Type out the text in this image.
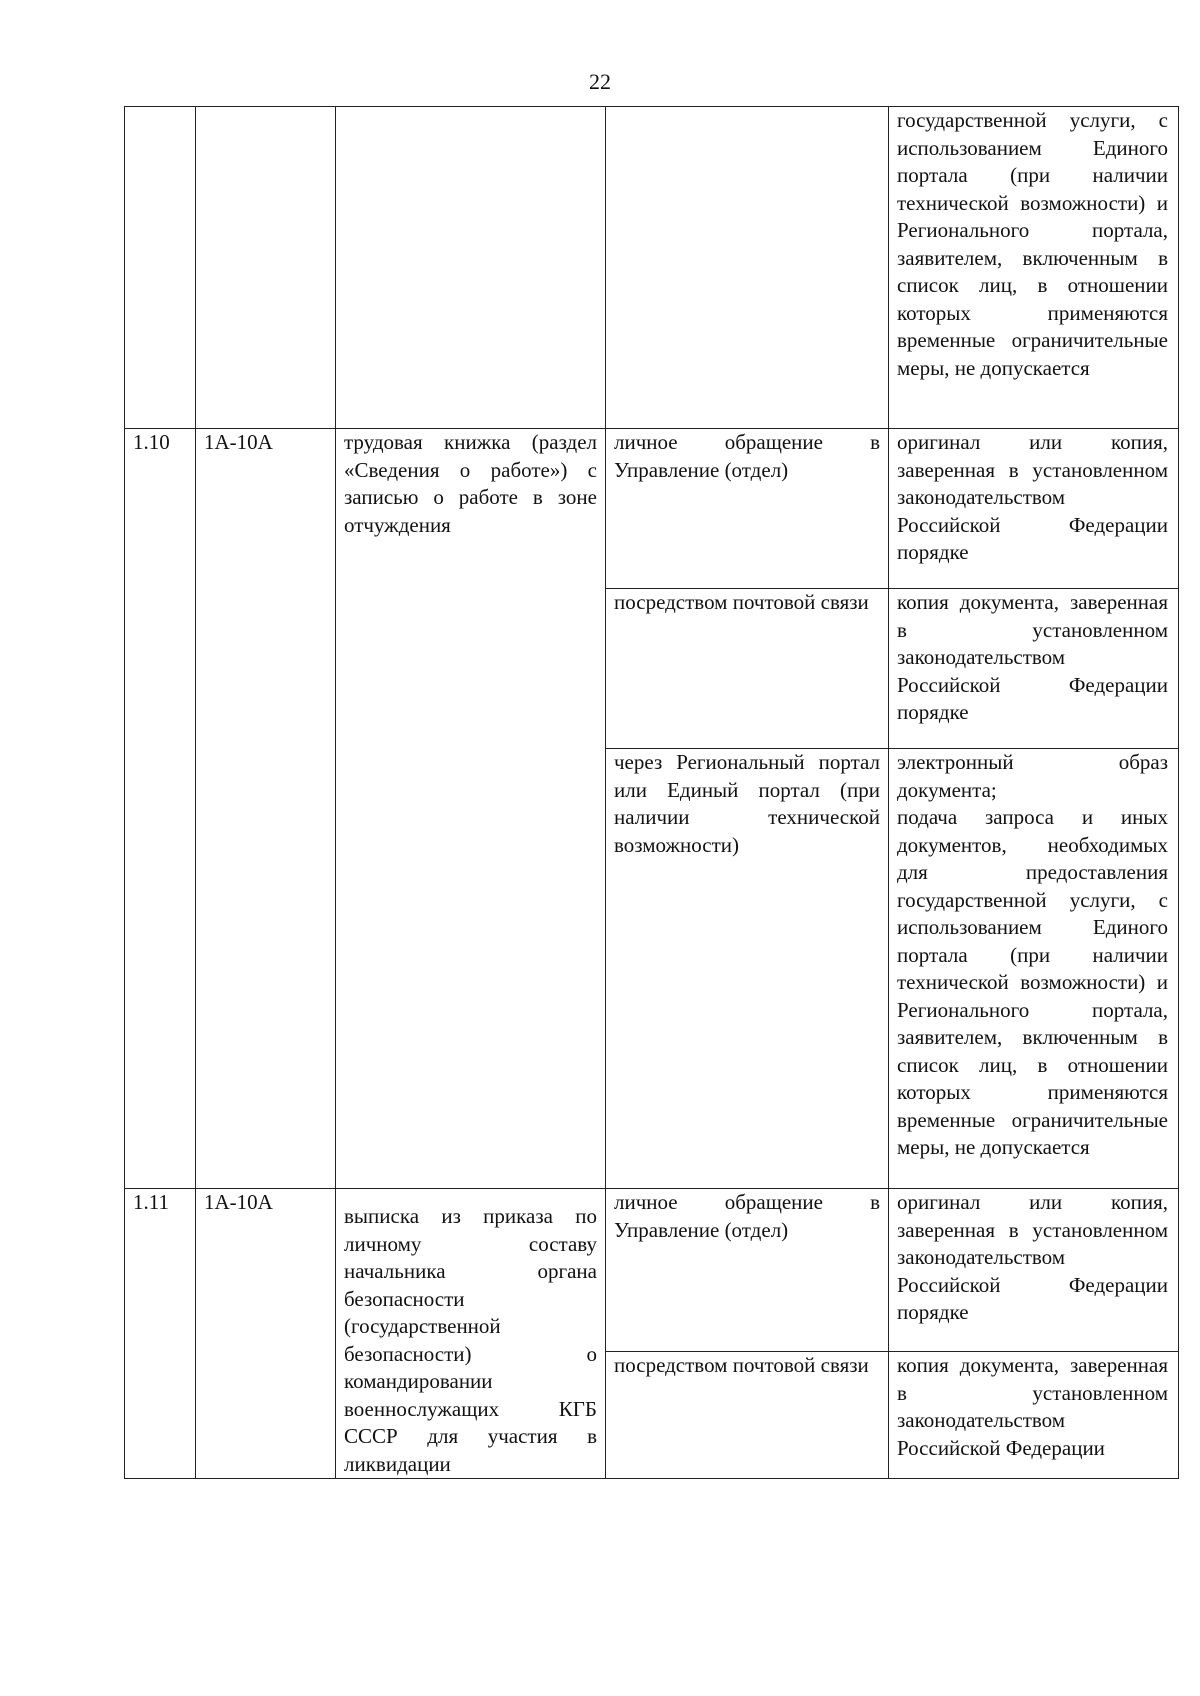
22

				государственной услуги, с использованием Единого портала (при наличии технической возможности) и Регионального портала, заявителем, включенным в список лиц, в отношении которых применяются временные ограничительные меры, не допускается

1.10	1А-10А	трудовая книжка (раздел «Сведения о работе») с записью о работе в зоне отчуждения	личное обращение в Управление (отдел)	оригинал или копия, заверенная в установленном законодательством Российской Федерации порядке

			посредством почтовой связи	копия документа, заверенная в установленном законодательством Российской Федерации порядке

			через Региональный портал или Единый портал (при наличии технической возможности)	электронный образ документа;
подача запроса и иных документов, необходимых для предоставления государственной услуги, с использованием Единого портала (при наличии технической возможности) и Регионального портала, заявителем, включенным в список лиц, в отношении которых применяются временные ограничительные меры, не допускается

1.11	1А-10А	выписка из приказа по личному составу начальника органа безопасности (государственной безопасности) о командировании военнослужащих КГБ СССР для участия в ликвидации	личное обращение в Управление (отдел)	оригинал или копия, заверенная в установленном законодательством Российской Федерации порядке

			посредством почтовой связи	копия документа, заверенная в установленном законодательством Российской Федерации
